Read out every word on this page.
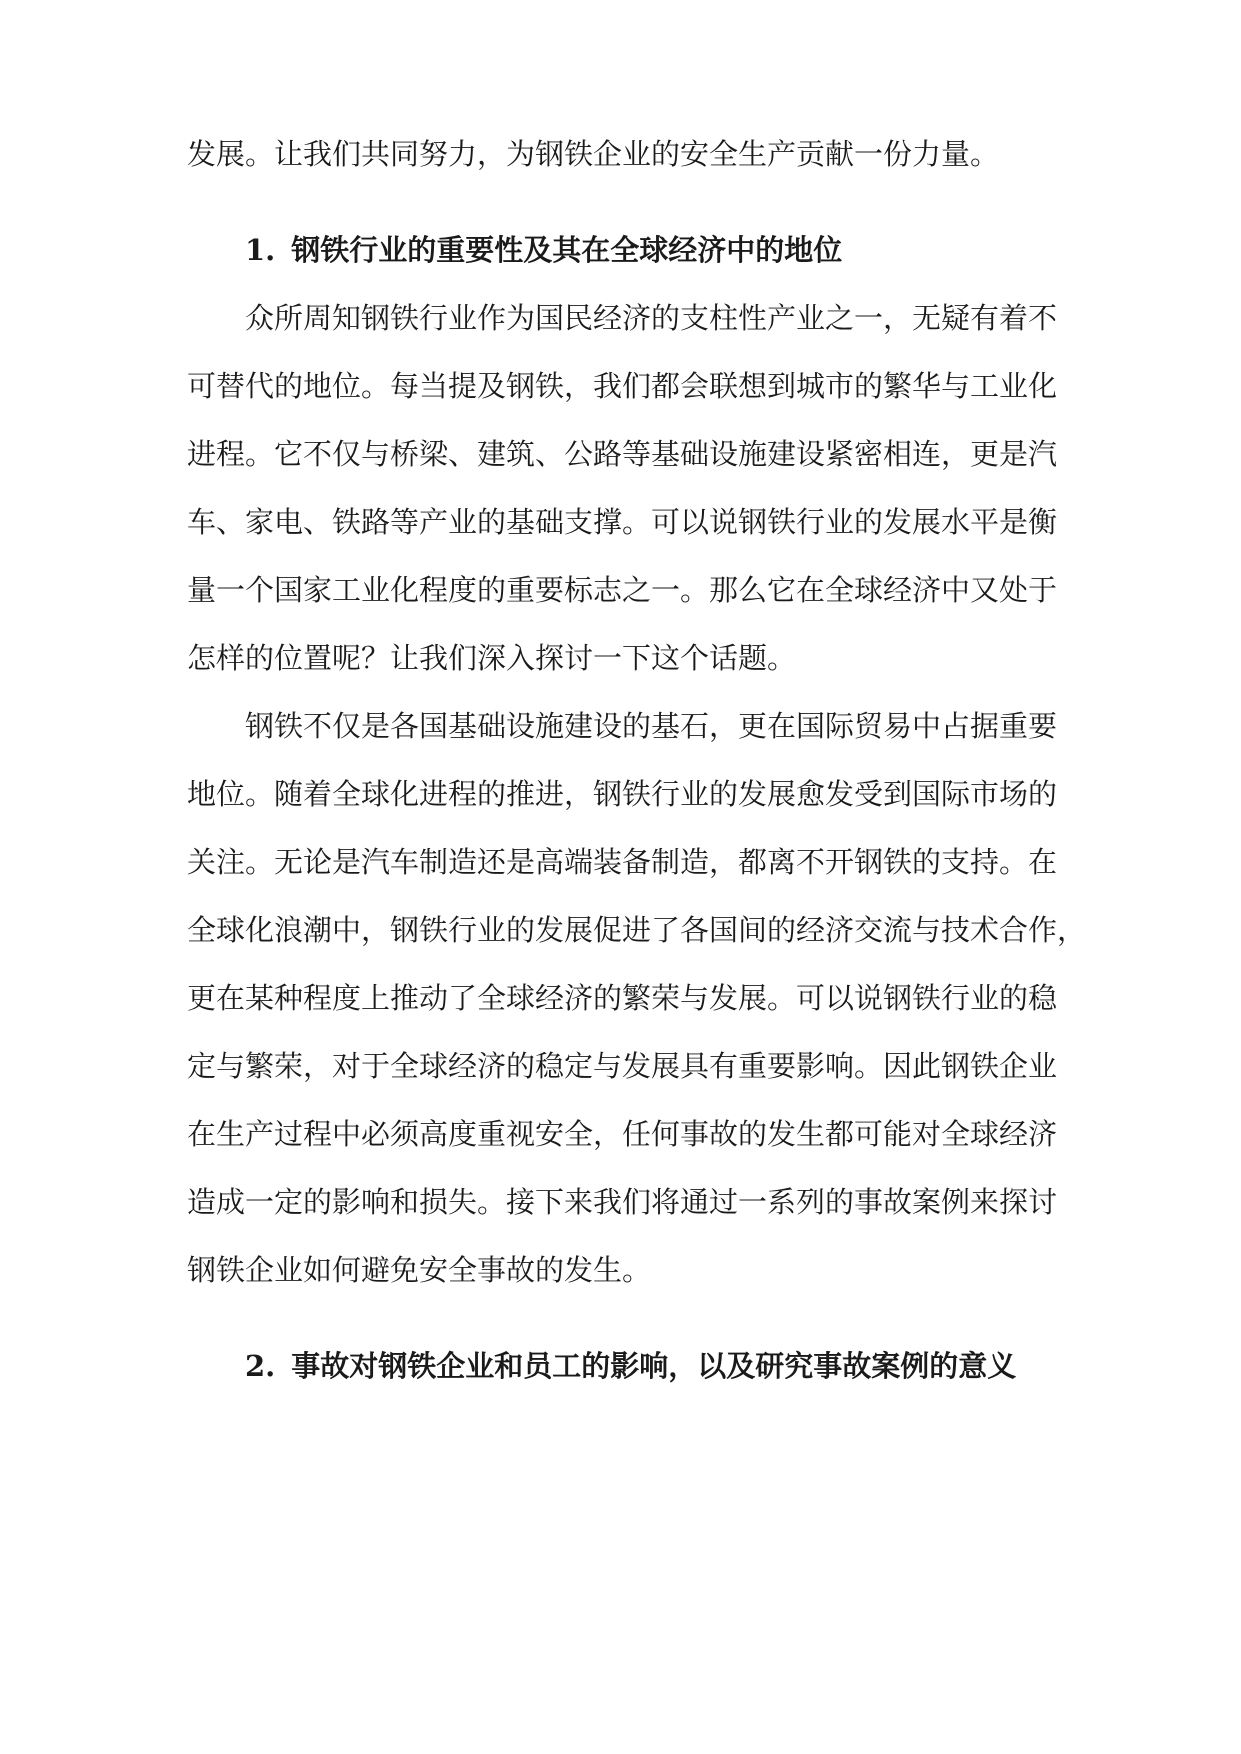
发展。让我们共同努力，为钢铁企业的安全生产贡献一份力量。
1. 钢铁行业的重要性及其在全球经济中的地位
众所周知钢铁行业作为国民经济的支柱性产业之一，无疑有着不
可替代的地位。每当提及钢铁，我们都会联想到城市的繁华与工业化
进程。它不仅与桥梁、建筑、公路等基础设施建设紧密相连，更是汽
车、家电、铁路等产业的基础支撑。可以说钢铁行业的发展水平是衡
量一个国家工业化程度的重要标志之一。那么它在全球经济中又处于
怎样的位置呢？让我们深入探讨一下这个话题。
钢铁不仅是各国基础设施建设的基石，更在国际贸易中占据重要
地位。随着全球化进程的推进，钢铁行业的发展愈发受到国际市场的
关注。无论是汽车制造还是高端装备制造，都离不开钢铁的支持。在
全球化浪潮中，钢铁行业的发展促进了各国间的经济交流与技术合作，
更在某种程度上推动了全球经济的繁荣与发展。可以说钢铁行业的稳
定与繁荣，对于全球经济的稳定与发展具有重要影响。因此钢铁企业
在生产过程中必须高度重视安全，任何事故的发生都可能对全球经济
造成一定的影响和损失。接下来我们将通过一系列的事故案例来探讨
钢铁企业如何避免安全事故的发生。
2. 事故对钢铁企业和员工的影响，以及研究事故案例的意义
